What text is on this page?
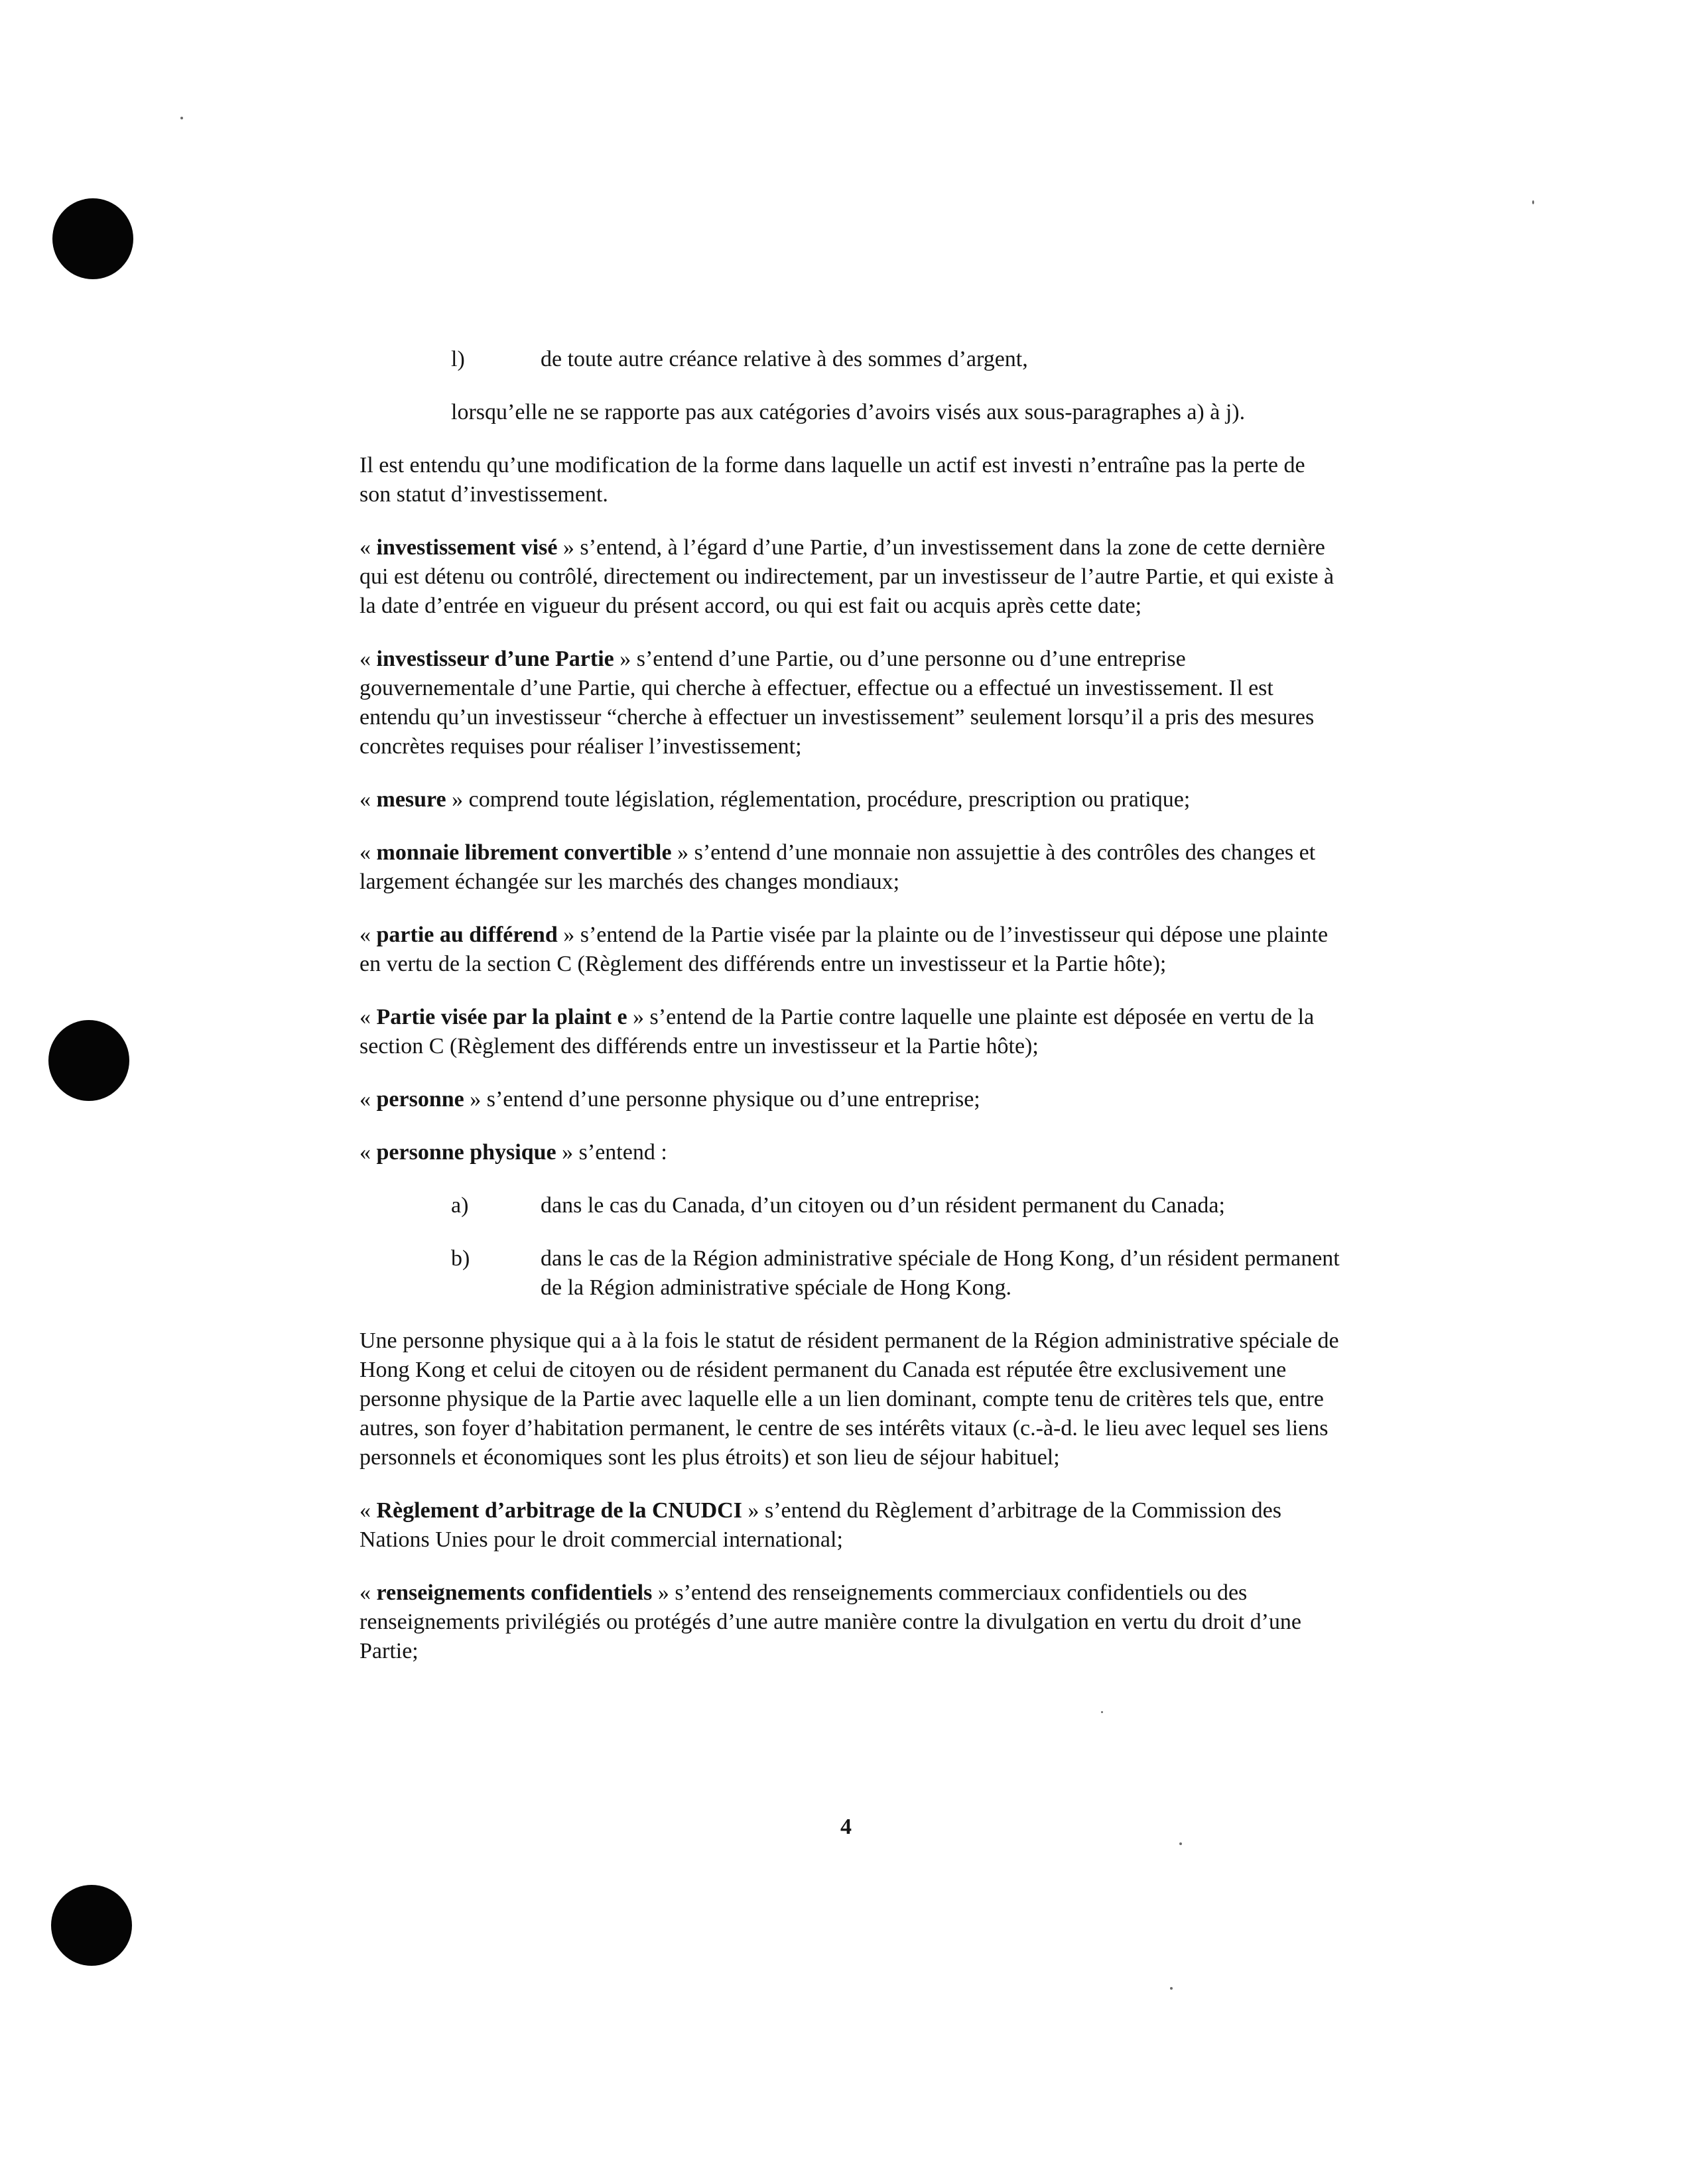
l)	de toute autre créance relative à des sommes d’argent,

lorsqu’elle ne se rapporte pas aux catégories d’avoirs visés aux sous-paragraphes a) à j).

Il est entendu qu’une modification de la forme dans laquelle un actif est investi n’entraîne pas la perte de son statut d’investissement.

« investissement visé » s’entend, à l’égard d’une Partie, d’un investissement dans la zone de cette dernière qui est détenu ou contrôlé, directement ou indirectement, par un investisseur de l’autre Partie, et qui existe à la date d’entrée en vigueur du présent accord, ou qui est fait ou acquis après cette date;

« investisseur d’une Partie » s’entend d’une Partie, ou d’une personne ou d’une entreprise gouvernementale d’une Partie, qui cherche à effectuer, effectue ou a effectué un investissement. Il est entendu qu’un investisseur “cherche à effectuer un investissement” seulement lorsqu’il a pris des mesures concrètes requises pour réaliser l’investissement;

« mesure » comprend toute législation, réglementation, procédure, prescription ou pratique;

« monnaie librement convertible » s’entend d’une monnaie non assujettie à des contrôles des changes et largement échangée sur les marchés des changes mondiaux;

« partie au différend » s’entend de la Partie visée par la plainte ou de l’investisseur qui dépose une plainte en vertu de la section C (Règlement des différends entre un investisseur et la Partie hôte);

« Partie visée par la plaint e » s’entend de la Partie contre laquelle une plainte est déposée en vertu de la section C (Règlement des différends entre un investisseur et la Partie hôte);

« personne » s’entend d’une personne physique ou d’une entreprise;

« personne physique » s’entend :

a)	dans le cas du Canada, d’un citoyen ou d’un résident permanent du Canada;
b)	dans le cas de la Région administrative spéciale de Hong Kong, d’un résident permanent de la Région administrative spéciale de Hong Kong.

Une personne physique qui a à la fois le statut de résident permanent de la Région administrative spéciale de Hong Kong et celui de citoyen ou de résident permanent du Canada est réputée être exclusivement une personne physique de la Partie avec laquelle elle a un lien dominant, compte tenu de critères tels que, entre autres, son foyer d’habitation permanent, le centre de ses intérêts vitaux (c.-à-d. le lieu avec lequel ses liens personnels et économiques sont les plus étroits) et son lieu de séjour habituel;

« Règlement d’arbitrage de la CNUDCI » s’entend du Règlement d’arbitrage de la Commission des Nations Unies pour le droit commercial international;

« renseignements confidentiels » s’entend des renseignements commerciaux confidentiels ou des renseignements privilégiés ou protégés d’une autre manière contre la divulgation en vertu du droit d’une Partie;

4
